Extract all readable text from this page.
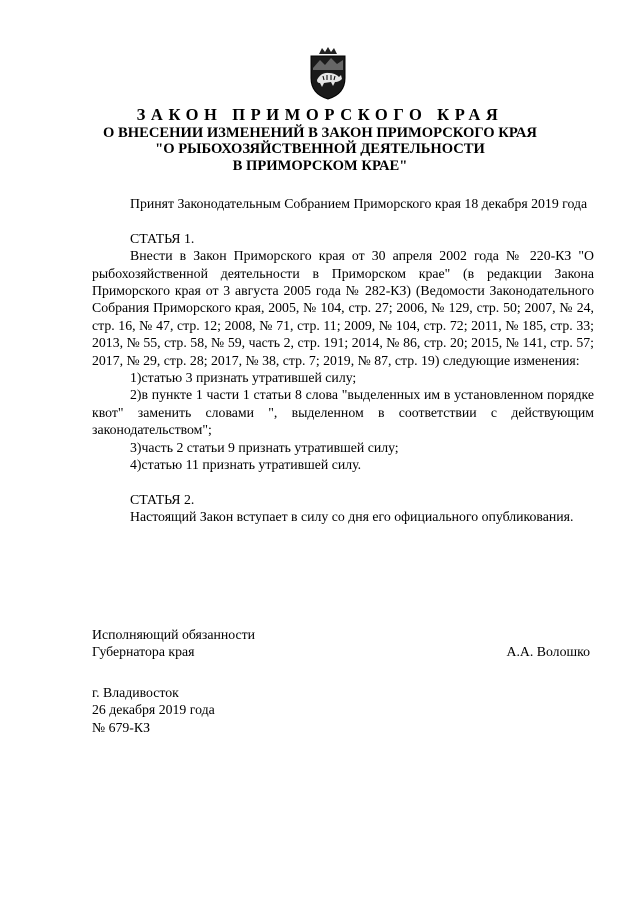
ЗАКОН ПРИМОРСКОГО КРАЯ
О ВНЕСЕНИИ ИЗМЕНЕНИЙ В ЗАКОН ПРИМОРСКОГО КРАЯ
"О РЫБОХОЗЯЙСТВЕННОЙ ДЕЯТЕЛЬНОСТИ
В ПРИМОРСКОМ КРАЕ"

Принят Законодательным Собранием Приморского края 18 декабря 2019 года

СТАТЬЯ 1.

Внести в Закон Приморского края от 30 апреля 2002 года № 220-КЗ "О рыбохозяйственной деятельности в Приморском крае" (в редакции Закона Приморского края от 3 августа 2005 года № 282-КЗ) (Ведомости Законодательного Собрания Приморского края, 2005, № 104, стр. 27; 2006, № 129, стр. 50; 2007, № 24, стр. 16, № 47, стр. 12; 2008, № 71, стр. 11; 2009, № 104, стр. 72; 2011, № 185, стр. 33; 2013, № 55, стр. 58, № 59, часть 2, стр. 191; 2014, № 86, стр. 20; 2015, № 141, стр. 57; 2017, № 29, стр. 28; 2017, № 38, стр. 7; 2019, № 87, стр. 19) следующие изменения:

1)статью 3 признать утратившей силу;

2)в пункте 1 части 1 статьи 8 слова "выделенных им в установленном порядке квот" заменить словами ", выделенном в соответствии с действующим законодательством";

3)часть 2 статьи 9 признать утратившей силу;

4)статью 11 признать утратившей силу.

СТАТЬЯ 2.

Настоящий Закон вступает в силу со дня его официального опубликования.

Исполняющий обязанности
Губернатора края	А.А. Волошко
г. Владивосток
26 декабря 2019 года
№ 679-КЗ
